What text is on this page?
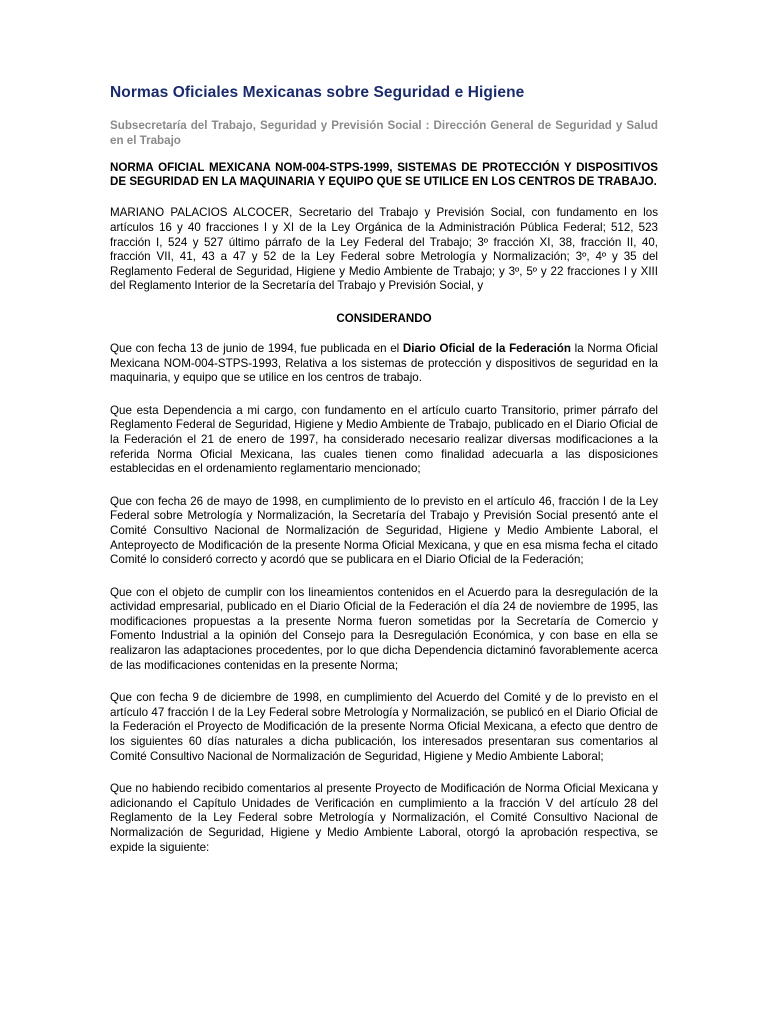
Normas Oficiales Mexicanas sobre Seguridad e Higiene

Subsecretaría del Trabajo, Seguridad y Previsión Social : Dirección General de Seguridad y Salud en el Trabajo

NORMA OFICIAL MEXICANA NOM-004-STPS-1999, SISTEMAS DE PROTECCIÓN Y DISPOSITIVOS DE SEGURIDAD EN LA MAQUINARIA Y EQUIPO QUE SE UTILICE EN LOS CENTROS DE TRABAJO.

MARIANO PALACIOS ALCOCER, Secretario del Trabajo y Previsión Social, con fundamento en los artículos 16 y 40 fracciones I y XI de la Ley Orgánica de la Administración Pública Federal; 512, 523 fracción I, 524 y 527 último párrafo de la Ley Federal del Trabajo; 3º fracción XI, 38, fracción II, 40, fracción VII, 41, 43 a 47 y 52 de la Ley Federal sobre Metrología y Normalización; 3º, 4º y 35 del Reglamento Federal de Seguridad, Higiene y Medio Ambiente de Trabajo; y 3º, 5º y 22 fracciones I y XIII del Reglamento Interior de la Secretaría del Trabajo y Previsión Social, y

CONSIDERANDO

Que con fecha 13 de junio de 1994, fue publicada en el Diario Oficial de la Federación la Norma Oficial Mexicana NOM-004-STPS-1993, Relativa a los sistemas de protección y dispositivos de seguridad en la maquinaria, y equipo que se utilice en los centros de trabajo.

Que esta Dependencia a mi cargo, con fundamento en el artículo cuarto Transitorio, primer párrafo del Reglamento Federal de Seguridad, Higiene y Medio Ambiente de Trabajo, publicado en el Diario Oficial de la Federación el 21 de enero de 1997, ha considerado necesario realizar diversas modificaciones a la referida Norma Oficial Mexicana, las cuales tienen como finalidad adecuarla a las disposiciones establecidas en el ordenamiento reglamentario mencionado;

Que con fecha 26 de mayo de 1998, en cumplimiento de lo previsto en el artículo 46, fracción I de la Ley Federal sobre Metrología y Normalización, la Secretaría del Trabajo y Previsión Social presentó ante el Comité Consultivo Nacional de Normalización de Seguridad, Higiene y Medio Ambiente Laboral, el Anteproyecto de Modificación de la presente Norma Oficial Mexicana, y que en esa misma fecha el citado Comité lo consideró correcto y acordó que se publicara en el Diario Oficial de la Federación;

Que con el objeto de cumplir con los lineamientos contenidos en el Acuerdo para la desregulación de la actividad empresarial, publicado en el Diario Oficial de la Federación el día 24 de noviembre de 1995, las modificaciones propuestas a la presente Norma fueron sometidas por la Secretaría de Comercio y Fomento Industrial a la opinión del Consejo para la Desregulación Económica, y con base en ella se realizaron las adaptaciones procedentes, por lo que dicha Dependencia dictaminó favorablemente acerca de las modificaciones contenidas en la presente Norma;

Que con fecha 9 de diciembre de 1998, en cumplimiento del Acuerdo del Comité y de lo previsto en el artículo 47 fracción I de la Ley Federal sobre Metrología y Normalización, se publicó en el Diario Oficial de la Federación el Proyecto de Modificación de la presente Norma Oficial Mexicana, a efecto que dentro de los siguientes 60 días naturales a dicha publicación, los interesados presentaran sus comentarios al Comité Consultivo Nacional de Normalización de Seguridad, Higiene y Medio Ambiente Laboral;

Que no habiendo recibido comentarios al presente Proyecto de Modificación de Norma Oficial Mexicana y adicionando el Capítulo Unidades de Verificación en cumplimiento a la fracción V del artículo 28 del Reglamento de la Ley Federal sobre Metrología y Normalización, el Comité Consultivo Nacional de Normalización de Seguridad, Higiene y Medio Ambiente Laboral, otorgó la aprobación respectiva, se expide la siguiente:
